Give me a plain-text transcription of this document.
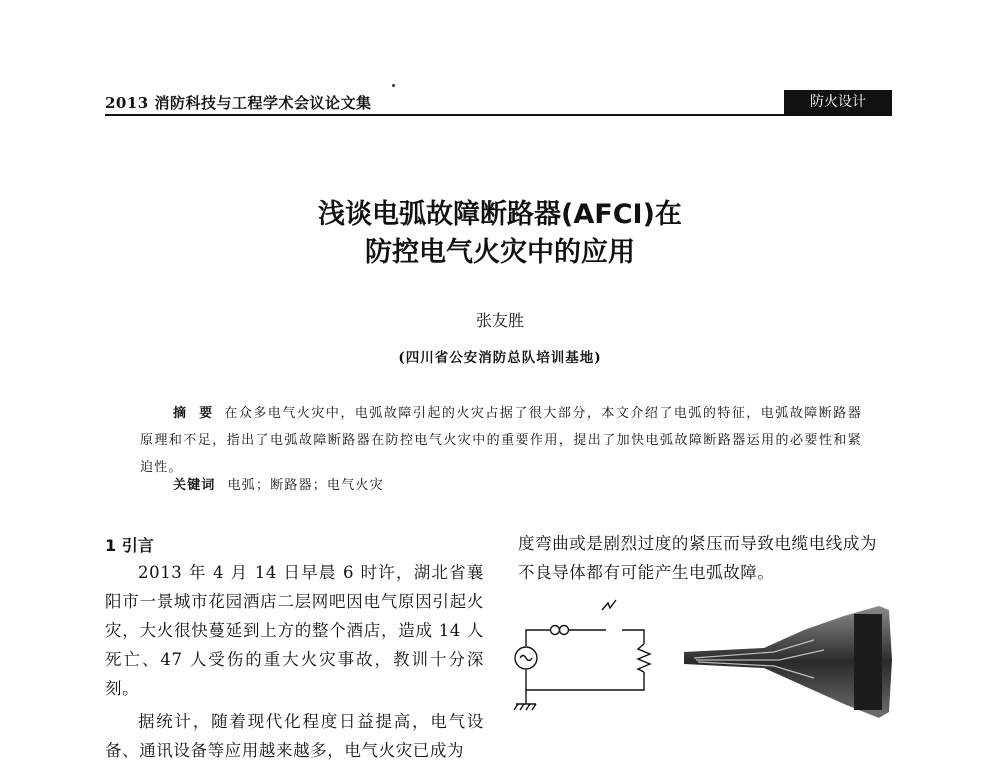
2013 消防科技与工程学术会议论文集	防火设计
浅谈电弧故障断路器(AFCI)在
防控电气火灾中的应用
张友胜
(四川省公安消防总队培训基地)
摘 要 在众多电气火灾中，电弧故障引起的火灾占据了很大部分，本文介绍了电弧的特征，电弧故障断路器原理和不足，指出了电弧故障断路器在防控电气火灾中的重要作用，提出了加快电弧故障断路器运用的必要性和紧迫性。
关键词 电弧；断路器；电气火灾
1 引言

2013 年 4 月 14 日早晨 6 时许，湖北省襄阳市一景城市花园酒店二层网吧因电气原因引起火灾，大火很快蔓延到上方的整个酒店，造成 14 人死亡、47 人受伤的重大火灾事故，教训十分深刻。

据统计，随着现代化程度日益提高，电气设备、通讯设备等应用越来越多，电气火灾已成为

度弯曲或是剧烈过度的紧压而导致电缆电线成为不良导体都有可能产生电弧故障。
